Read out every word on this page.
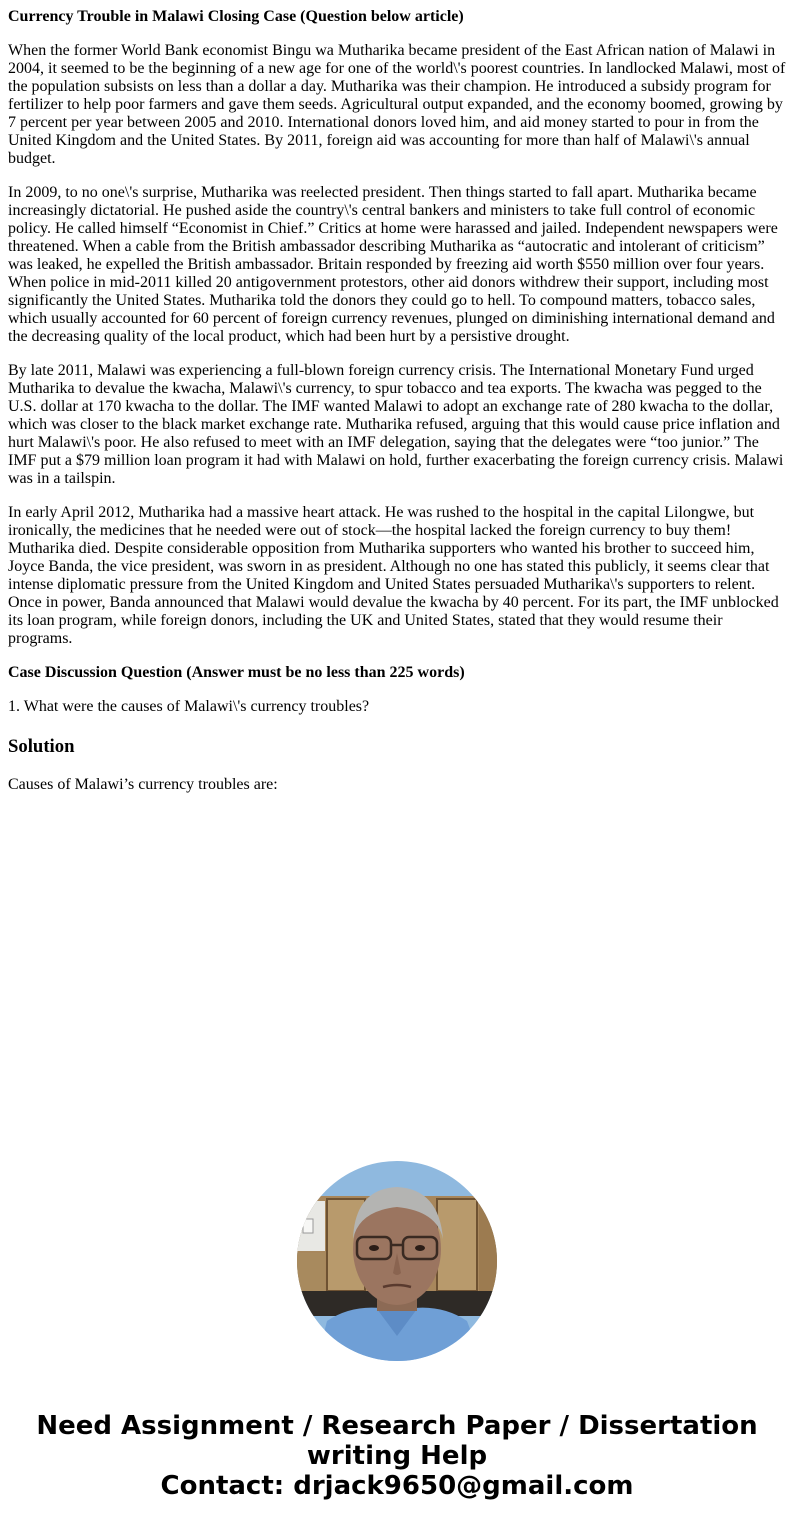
Currency Trouble in Malawi Closing Case (Question below article)

When the former World Bank economist Bingu wa Mutharika became president of the East African nation of Malawi in 2004, it seemed to be the beginning of a new age for one of the world\'s poorest countries. In landlocked Malawi, most of the population subsists on less than a dollar a day. Mutharika was their champion. He introduced a subsidy program for fertilizer to help poor farmers and gave them seeds. Agricultural output expanded, and the economy boomed, growing by 7 percent per year between 2005 and 2010. International donors loved him, and aid money started to pour in from the United Kingdom and the United States. By 2011, foreign aid was accounting for more than half of Malawi\'s annual budget.

In 2009, to no one\'s surprise, Mutharika was reelected president. Then things started to fall apart. Mutharika became increasingly dictatorial. He pushed aside the country\'s central bankers and ministers to take full control of economic policy. He called himself “Economist in Chief.” Critics at home were harassed and jailed. Independent newspapers were threatened. When a cable from the British ambassador describing Mutharika as “autocratic and intolerant of criticism” was leaked, he expelled the British ambassador. Britain responded by freezing aid worth $550 million over four years. When police in mid-2011 killed 20 antigovernment protestors, other aid donors withdrew their support, including most significantly the United States. Mutharika told the donors they could go to hell. To compound matters, tobacco sales, which usually accounted for 60 percent of foreign currency revenues, plunged on diminishing international demand and the decreasing quality of the local product, which had been hurt by a persistive drought.

By late 2011, Malawi was experiencing a full-blown foreign currency crisis. The International Monetary Fund urged Mutharika to devalue the kwacha, Malawi\'s currency, to spur tobacco and tea exports. The kwacha was pegged to the U.S. dollar at 170 kwacha to the dollar. The IMF wanted Malawi to adopt an exchange rate of 280 kwacha to the dollar, which was closer to the black market exchange rate. Mutharika refused, arguing that this would cause price inflation and hurt Malawi\'s poor. He also refused to meet with an IMF delegation, saying that the delegates were “too junior.” The IMF put a $79 million loan program it had with Malawi on hold, further exacerbating the foreign currency crisis. Malawi was in a tailspin.

In early April 2012, Mutharika had a massive heart attack. He was rushed to the hospital in the capital Lilongwe, but ironically, the medicines that he needed were out of stock—the hospital lacked the foreign currency to buy them! Mutharika died. Despite considerable opposition from Mutharika supporters who wanted his brother to succeed him, Joyce Banda, the vice president, was sworn in as president. Although no one has stated this publicly, it seems clear that intense diplomatic pressure from the United Kingdom and United States persuaded Mutharika\'s supporters to relent. Once in power, Banda announced that Malawi would devalue the kwacha by 40 percent. For its part, the IMF unblocked its loan program, while foreign donors, including the UK and United States, stated that they would resume their programs.

Case Discussion Question (Answer must be no less than 225 words)

1. What were the causes of Malawi\'s currency troubles?

Solution

Causes of Malawi’s currency troubles are:

Need Assignment / Research Paper / Dissertation
writing Help
Contact: drjack9650@gmail.com
